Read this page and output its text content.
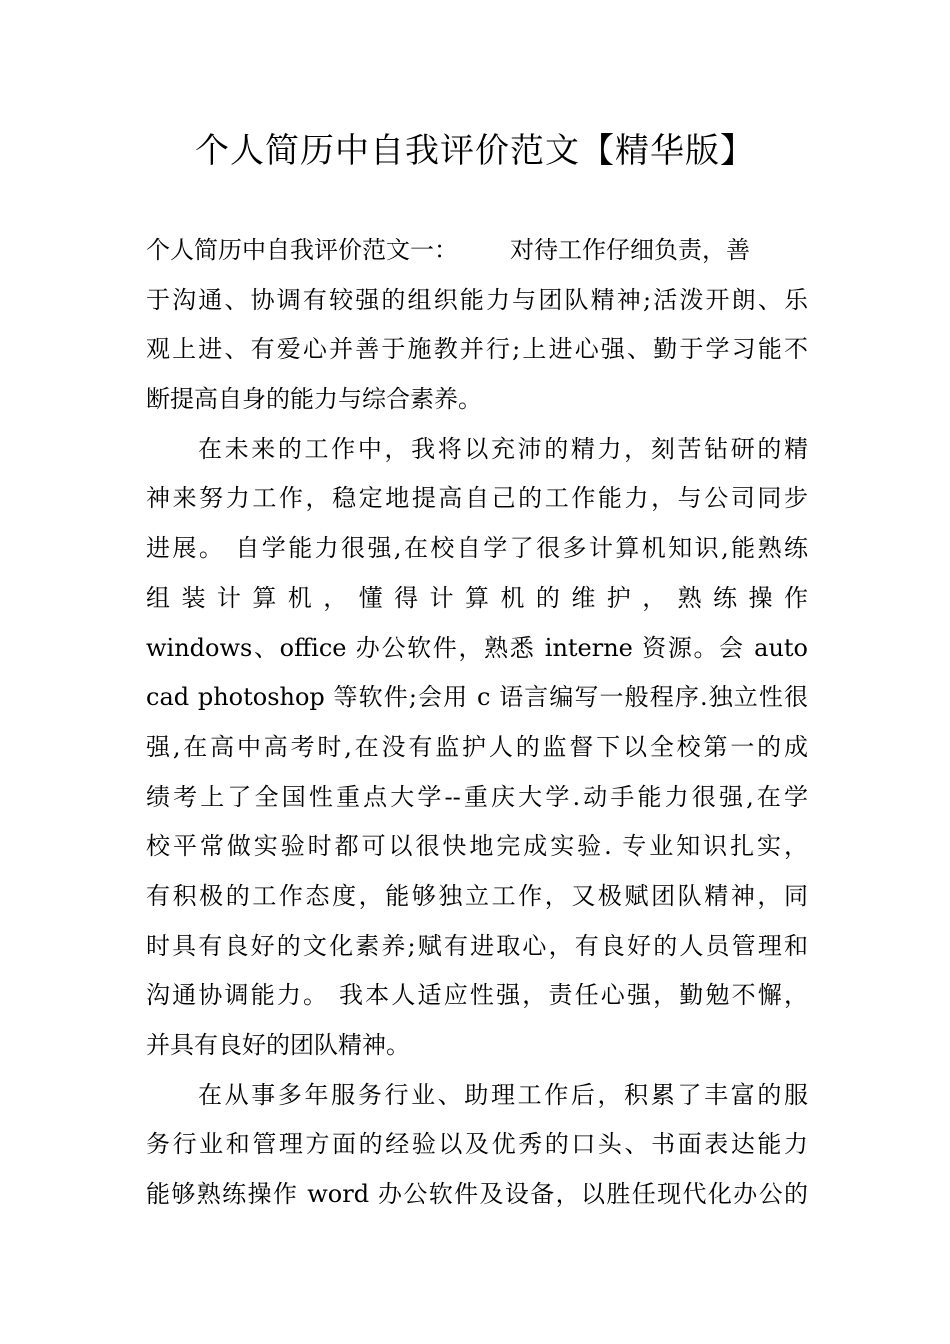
个人简历中自我评价范文【精华版】
个人简历中自我评价范文一： 对待工作仔细负责，善
于沟通、协调有较强的组织能力与团队精神;活泼开朗、乐
观上进、有爱心并善于施教并行;上进心强、勤于学习能不
断提高自身的能力与综合素养。
在未来的工作中，我将以充沛的精力，刻苦钻研的精
神来努力工作，稳定地提高自己的工作能力，与公司同步
进展。 自学能力很强,在校自学了很多计算机知识,能熟练
组 装 计 算 机 ， 懂 得 计 算 机 的 维 护 ， 熟 练 操 作
windows、office 办公软件，熟悉 interne 资源。会 auto
cad photoshop 等软件;会用 c 语言编写一般程序.独立性很
强,在高中高考时,在没有监护人的监督下以全校第一的成
绩考上了全国性重点大学--重庆大学.动手能力很强,在学
校平常做实验时都可以很快地完成实验. 专业知识扎实，
有积极的工作态度，能够独立工作，又极赋团队精神，同
时具有良好的文化素养;赋有进取心，有良好的人员管理和
沟通协调能力。 我本人适应性强，责任心强，勤勉不懈，
并具有良好的团队精神。
在从事多年服务行业、助理工作后，积累了丰富的服
务行业和管理方面的经验以及优秀的口头、书面表达能力
能够熟练操作 word 办公软件及设备，以胜任现代化办公的
